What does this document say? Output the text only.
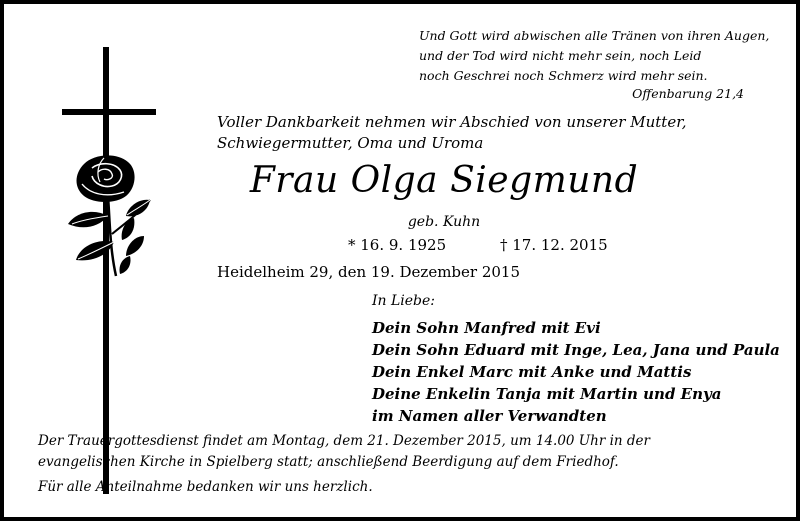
Und Gott wird abwischen alle Tränen von ihren Augen,
und der Tod wird nicht mehr sein, noch Leid
noch Geschrei noch Schmerz wird mehr sein.
Offenbarung 21,4
Voller Dankbarkeit nehmen wir Abschied von unserer Mutter,
Schwiegermutter, Oma und Uroma
Frau Olga Siegmund
geb. Kuhn
* 16. 9. 1925	† 17. 12. 2015
Heidelheim 29, den 19. Dezember 2015
In Liebe:
Dein Sohn Manfred mit Evi
Dein Sohn Eduard mit Inge, Lea, Jana und Paula
Dein Enkel Marc mit Anke und Mattis
Deine Enkelin Tanja mit Martin und Enya
im Namen aller Verwandten
Der Trauergottesdienst findet am Montag, dem 21. Dezember 2015, um 14.00 Uhr in der
evangelischen Kirche in Spielberg statt; anschließend Beerdigung auf dem Friedhof.
Für alle Anteilnahme bedanken wir uns herzlich.
